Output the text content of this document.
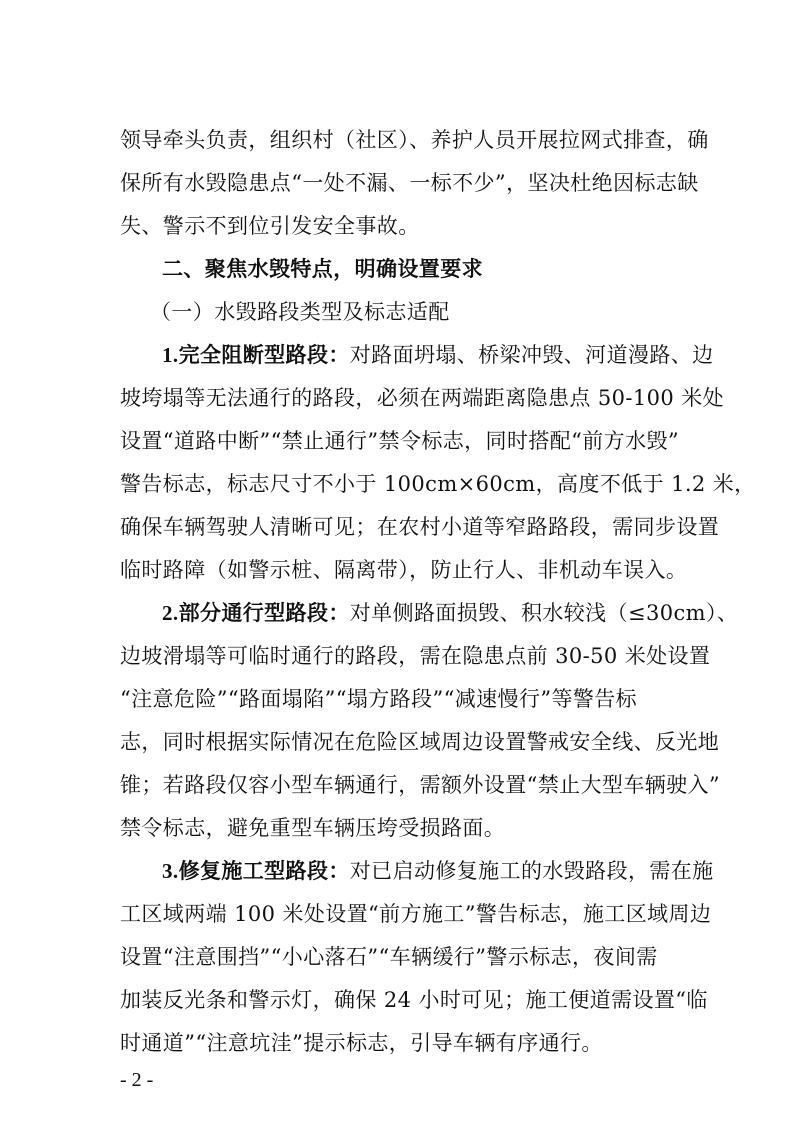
领导牵头负责，组织村（社区）、养护人员开展拉网式排查，确
保所有水毁隐患点“一处不漏、一标不少”，坚决杜绝因标志缺
失、警示不到位引发安全事故。
二、聚焦水毁特点，明确设置要求
（一）水毁路段类型及标志适配
1.完全阻断型路段：对路面坍塌、桥梁冲毁、河道漫路、边
坡垮塌等无法通行的路段，必须在两端距离隐患点 50-100 米处
设置“道路中断”“禁止通行”禁令标志，同时搭配“前方水毁”
警告标志，标志尺寸不小于 100cm×60cm，高度不低于 1.2 米，
确保车辆驾驶人清晰可见；在农村小道等窄路路段，需同步设置
临时路障（如警示桩、隔离带），防止行人、非机动车误入。
2.部分通行型路段：对单侧路面损毁、积水较浅（≤30cm）、
边坡滑塌等可临时通行的路段，需在隐患点前 30-50 米处设置
“注意危险”“路面塌陷”“塌方路段”“减速慢行”等警告标
志，同时根据实际情况在危险区域周边设置警戒安全线、反光地
锥；若路段仅容小型车辆通行，需额外设置“禁止大型车辆驶入”
禁令标志，避免重型车辆压垮受损路面。
3.修复施工型路段：对已启动修复施工的水毁路段，需在施
工区域两端 100 米处设置“前方施工”警告标志，施工区域周边
设置“注意围挡”“小心落石”“车辆缓行”警示标志，夜间需
加装反光条和警示灯，确保 24 小时可见；施工便道需设置“临
时通道”“注意坑洼”提示标志，引导车辆有序通行。
- 2 -
